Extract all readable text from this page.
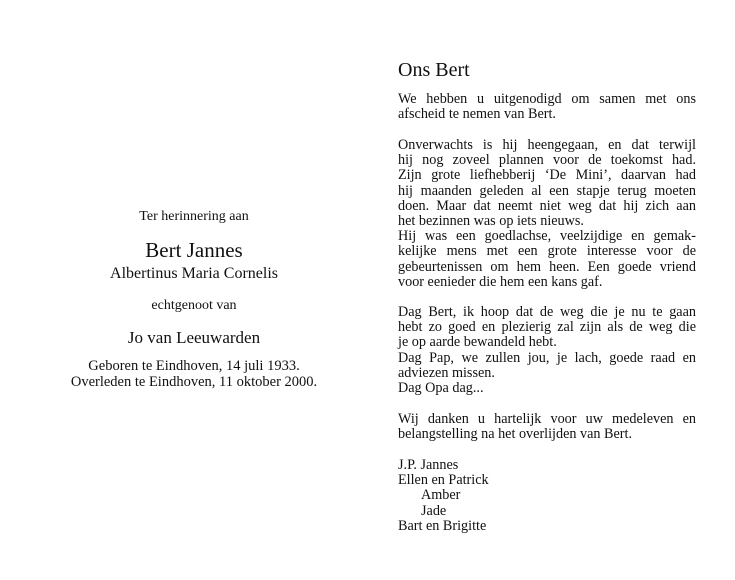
Ter herinnering aan
Bert Jannes
Albertinus Maria Cornelis
echtgenoot van
Jo van Leeuwarden
Geboren te Eindhoven, 14 juli 1933.
Overleden te Eindhoven, 11 oktober 2000.
Ons Bert
We hebben u uitgenodigd om samen met ons
afscheid te nemen van Bert.
Onverwachts is hij heengegaan, en dat terwijl
hij nog zoveel plannen voor de toekomst had.
Zijn grote liefhebberij ‘De Mini’, daarvan had
hij maanden geleden al een stapje terug moeten
doen. Maar dat neemt niet weg dat hij zich aan
het bezinnen was op iets nieuws.
Hij was een goedlachse, veelzijdige en gemak-
kelijke mens met een grote interesse voor de
gebeurtenissen om hem heen. Een goede vriend
voor eenieder die hem een kans gaf.
Dag Bert, ik hoop dat de weg die je nu te gaan
hebt zo goed en plezierig zal zijn als de weg die
je op aarde bewandeld hebt.
Dag Pap, we zullen jou, je lach, goede raad en
adviezen missen.
Dag Opa dag...
Wij danken u hartelijk voor uw medeleven en
belangstelling na het overlijden van Bert.
J.P. Jannes
Ellen en Patrick
Amber
Jade
Bart en Brigitte
